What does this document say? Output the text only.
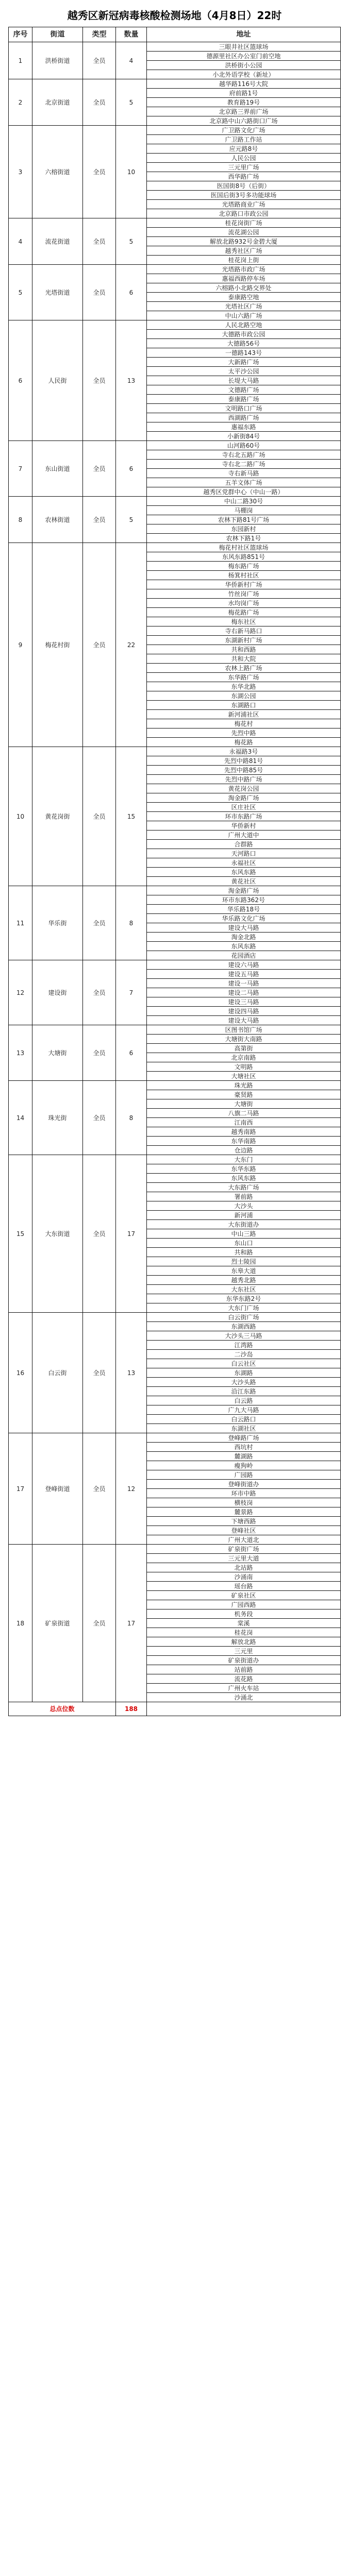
越秀区新冠病毒核酸检测场地（4月8日）22时
序号	街道	类型	数量	地址
1	洪桥街道	全员	4	三眼井社区篮球场
				德源里社区办公室门前空地
				洪桥街小公园
				小北外语学校（新址）
2	北京街道	全员	5	越华路116号大院
				府前路1号
				教育路19号
				北京路三界前广场
				北京路中山六路街口广场
3	六榕街道	全员	10	广卫路文化广场
				广卫路工作站
				应元路8号
				人民公园
				三元里广场
				西华路广场
				医国街8号（后街）
				医国后街3号多功能球场
				光塔路商业广场
				北京路口市政公园
4	流花街道	全员	5	桂花岗街广场
				流花湖公园
				解放北路932号金碧大厦
				越秀社区广场
				桂花岗上街
5	光塔街道	全员	6	光塔路市政广场
				惠福西路停车场
				六榕路小北路交界处
				泰康路空地
				光塔社区广场
				中山六路广场
6	人民街	全员	13	人民北路空地
				大德路市政公园
				大德路56号
				一德路143号
				大新路广场
				太平沙公园
				长堤大马路
				文德路广场
				泰康路广场
				文明路口广场
				西湖路广场
				惠福东路
				小新街84号
7	东山街道	全员	6	山河路60号
				寺右北五路广场
				寺右北二路广场
				寺右新马路
				五羊文体广场
				越秀区党群中心（中山一路）
8	农林街道	全员	5	中山二路30号
				马棚岗
				农林下路81号广场
				东园新村
				农林下路1号
9	梅花村街	全员	22	梅花村社区篮球场
				东风东路851号
				梅东路广场
				杨箕村社区
				华侨新村广场
				竹丝岗广场
				水均岗广场
				梅花路广场
				梅东社区
				寺右新马路口
				东湖新村广场
				共和西路
				共和大院
				农林上路广场
				东华路广场
				东华北路
				东湖公园
				东湖路口
				新河浦社区
				梅花村
				先烈中路
				梅花路
10	黄花岗街	全员	15	永福路3号
				先烈中路81号
				先烈中路85号
				先烈中路广场
				黄花岗公园
				淘金路广场
				区庄社区
				环市东路广场
				华侨新村
				广州大道中
				合群路
				天河路口
				永福社区
				东风东路
				黄花社区
11	华乐街	全员	8	淘金路广场
				环市东路362号
				华乐路18号
				华乐路文化广场
				建设大马路
				淘金北路
				东风东路
				花园酒店
12	建设街	全员	7	建设六马路
				建设五马路
				建设一马路
				建设二马路
				建设三马路
				建设四马路
				建设大马路
13	大塘街	全员	6	区图书馆广场
				大塘街大南路
				高第街
				北京南路
				文明路
				大塘社区
14	珠光街	全员	8	珠光路
				豪贤路
				大塘街
				八旗二马路
				江南西
				越秀南路
				东华南路
				仓边路
15	大东街道	全员	17	大东门
				东华东路
				东风东路
				大东路广场
				署前路
				大沙头
				新河浦
				大东街道办
				中山三路
				东山口
				共和路
				烈士陵园
				东皋大道
				越秀北路
				大东社区
				东华东路2号
				大东门广场
16	白云街	全员	13	白云街广场
				东湖西路
				大沙头三马路
				江湾路
				二沙岛
				白云社区
				东湖路
				大沙头路
				沿江东路
				白云路
				广九大马路
				白云路口
				东湖社区
17	登峰街道	全员	12	登峰路广场
				西坑村
				麓湖路
				瘦狗岭
				广园路
				登峰街道办
				环市中路
				横枝岗
				麓景路
				下塘西路
				登峰社区
				广州大道北
18	矿泉街道	全员	17	矿泉街广场
				三元里大道
				北站路
				沙涌南
				瑶台路
				矿泉社区
				广园西路
				机务段
				棠溪
				桂花岗
				解放北路
				三元里
				矿泉街道办
				站前路
				流花路
				广州火车站
				沙涌北
总点位数			188	
